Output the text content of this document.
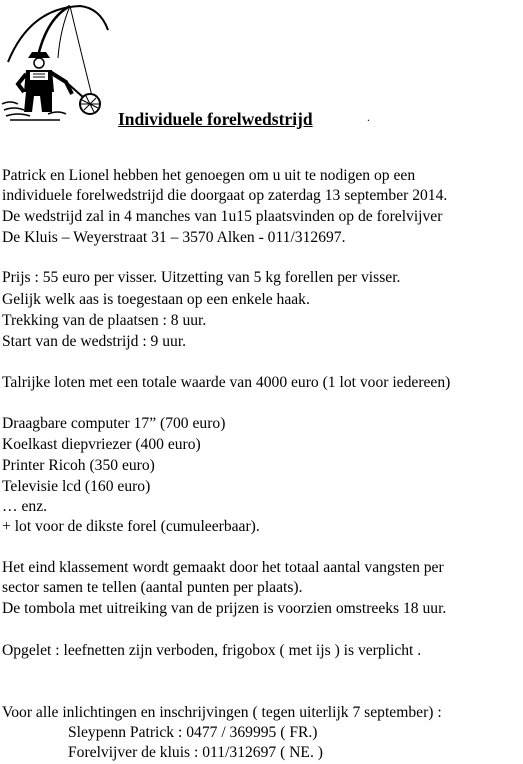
Individuele forelwedstrijd	.
Patrick en Lionel hebben het genoegen om u uit te nodigen op een
individuele forelwedstrijd die doorgaat op zaterdag 13 september 2014.
De wedstrijd zal in 4 manches van 1u15 plaatsvinden op de forelvijver
De Kluis – Weyerstraat 31 – 3570 Alken - 011/312697.
Prijs : 55 euro per visser. Uitzetting van 5 kg forellen per visser.
Gelijk welk aas is toegestaan op een enkele haak.
Trekking van de plaatsen : 8 uur.
Start van de wedstrijd : 9 uur.
Talrijke loten met een totale waarde van 4000 euro (1 lot voor iedereen)
Draagbare computer 17” (700 euro)
Koelkast diepvriezer (400 euro)
Printer Ricoh (350 euro)
Televisie lcd (160 euro)
… enz.
+ lot voor de dikste forel (cumuleerbaar).
Het eind klassement wordt gemaakt door het totaal aantal vangsten per
sector samen te tellen (aantal punten per plaats).
De tombola met uitreiking van de prijzen is voorzien omstreeks 18 uur.
Opgelet : leefnetten zijn verboden, frigobox ( met ijs ) is verplicht .
Voor alle inlichtingen en inschrijvingen ( tegen uiterlijk 7 september) :
Sleypenn Patrick : 0477 / 369995 ( FR.)
Forelvijver de kluis : 011/312697 ( NE. )
